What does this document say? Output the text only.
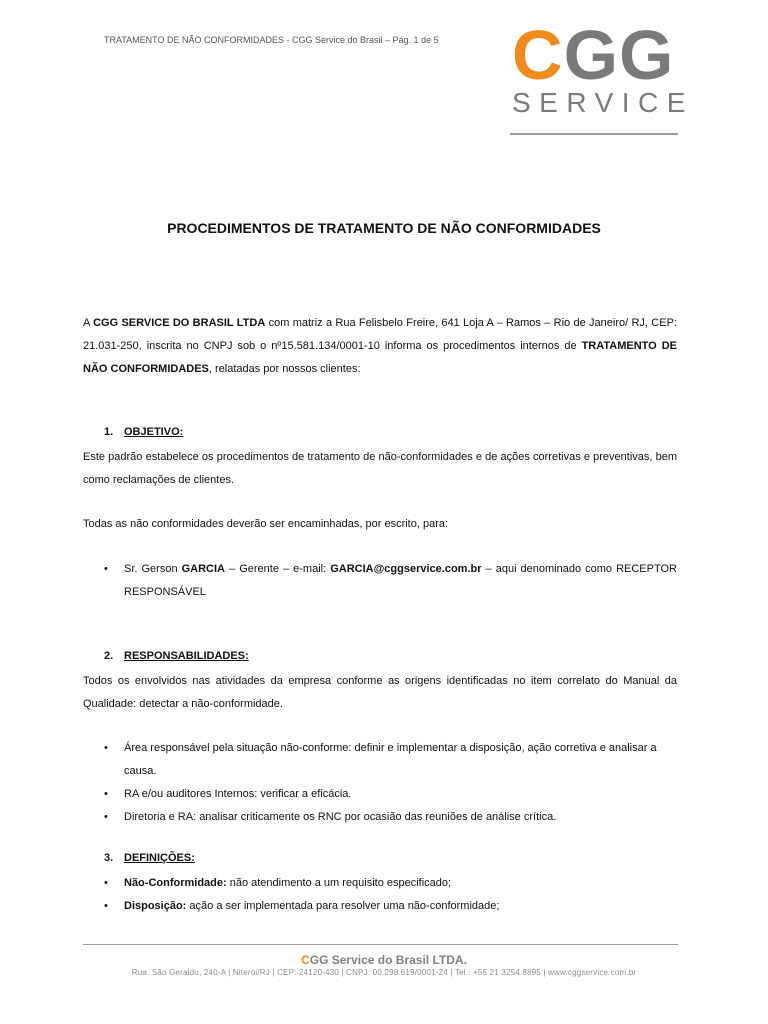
TRATAMENTO DE NÃO CONFORMIDADES - CGG Service do Brasil – Pág. 1 de 5 CGG
SERVICE
PROCEDIMENTOS DE TRATAMENTO DE NÃO CONFORMIDADES
A CGG SERVICE DO BRASIL LTDA com matriz a Rua Felisbelo Freire, 641 Loja A – Ramos – Rio de Janeiro/ RJ, CEP: 21.031-250, inscrita no CNPJ sob o nº15.581.134/0001-10 informa os procedimentos internos de TRATAMENTO DE NÃO CONFORMIDADES, relatadas por nossos clientes:
1. OBJETIVO:
Este padrão estabelece os procedimentos de tratamento de não-conformidades e de ações corretivas e preventivas, bem como reclamações de clientes.
Todas as não conformidades deverão ser encaminhadas, por escrito, para:
• Sr. Gerson GARCIA – Gerente – e-mail: GARCIA@cggservice.com.br – aqui denominado como RECEPTOR RESPONSÁVEL
2. RESPONSABILIDADES:
Todos os envolvidos nas atividades da empresa conforme as origens identificadas no item correlato do Manual da Qualidade: detectar a não-conformidade.
• Área responsável pela situação não-conforme: definir e implementar a disposição, ação corretiva e analisar a causa.
• RA e/ou auditores Internos: verificar a eficácia.
• Diretoria e RA: analisar criticamente os RNC por ocasião das reuniões de análise crítica.
3. DEFINIÇÕES:
• Não-Conformidade: não atendimento a um requisito especificado;
• Disposição: ação a ser implementada para resolver uma não-conformidade;
CGG Service do Brasil LTDA.
Rua. São Geraldo, 240-A | Niterói/RJ | CEP: 24120-430 | CNPJ: 00.298.619/0001-24 | Tel.: +55 21 3254.8895 | www.cggservice.com.br
